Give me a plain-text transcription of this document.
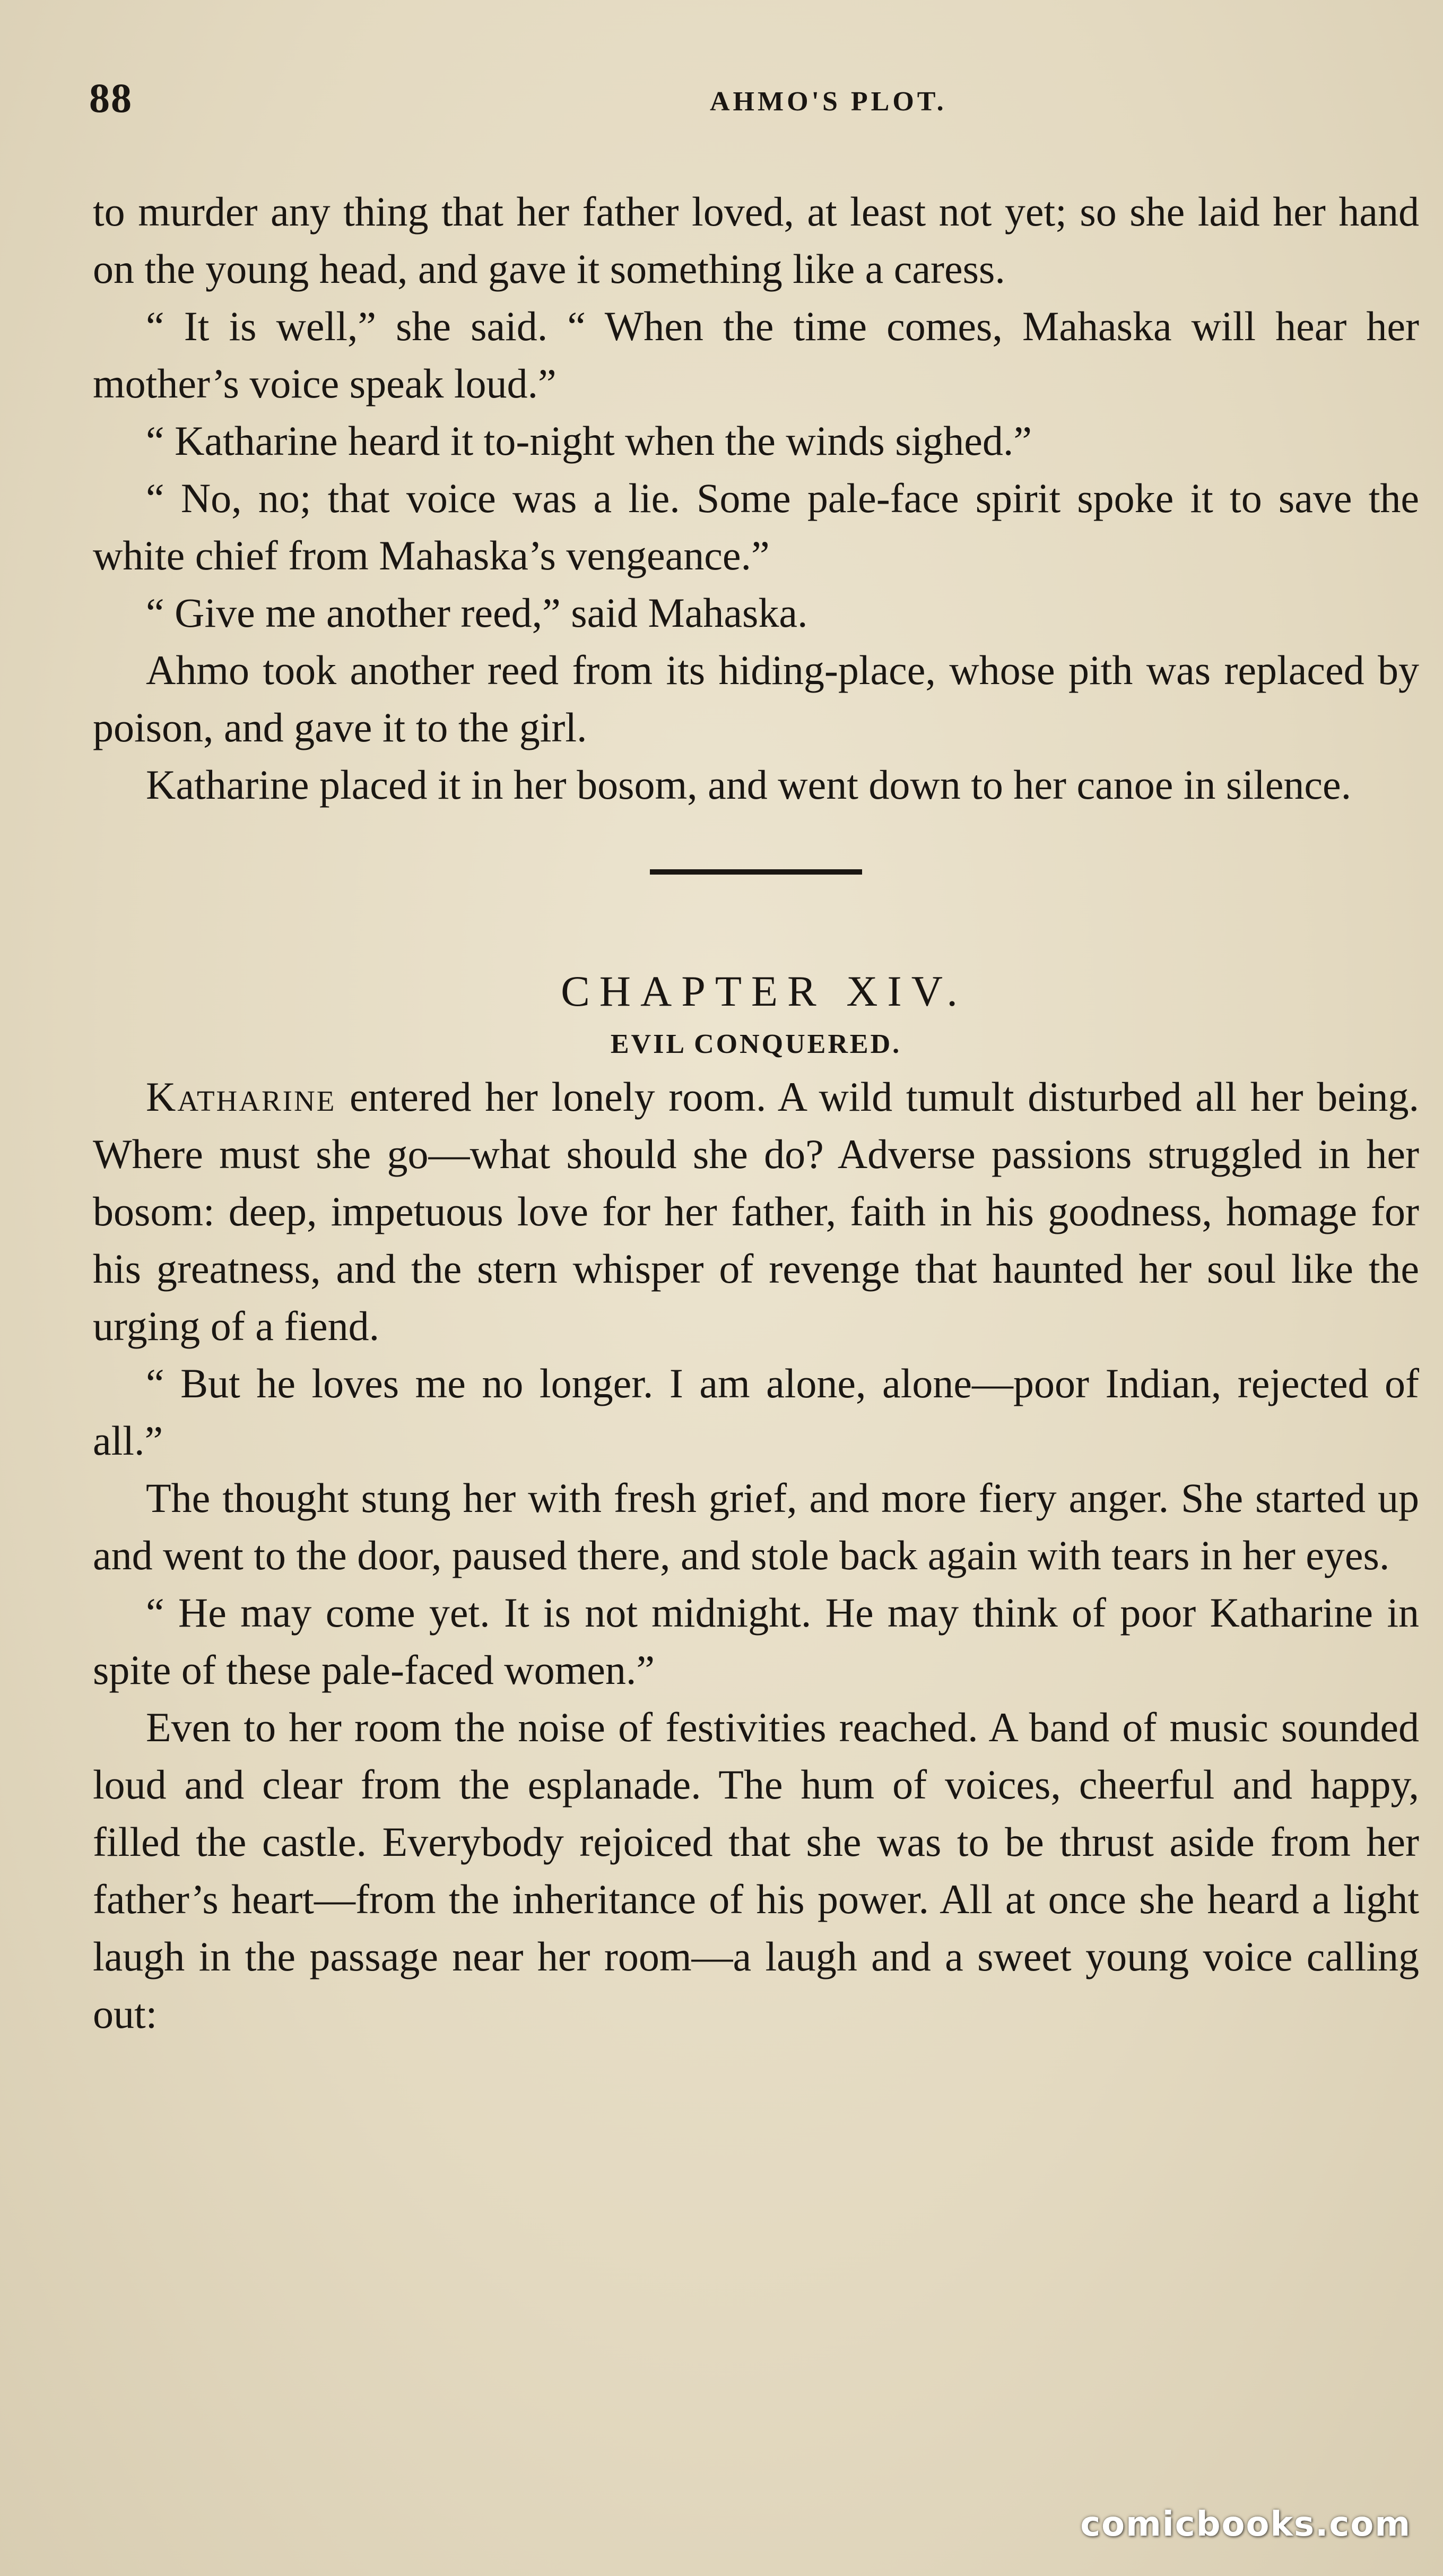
88	AHMO'S PLOT.

to murder any thing that her father loved, at least not yet; so she laid her hand on the young head, and gave it something like a caress.

“ It is well,” she said. “ When the time comes, Mahaska will hear her mother’s voice speak loud.”

“ Katharine heard it to-night when the winds sighed.”

“ No, no; that voice was a lie. Some pale-face spirit spoke it to save the white chief from Mahaska’s vengeance.”

“ Give me another reed,” said Mahaska.

Ahmo took another reed from its hiding-place, whose pith was replaced by poison, and gave it to the girl.

Katharine placed it in her bosom, and went down to her canoe in silence.

CHAPTER XIV.

EVIL CONQUERED.

Katharine entered her lonely room. A wild tumult disturbed all her being. Where must she go—what should she do? Adverse passions struggled in her bosom: deep, impetuous love for her father, faith in his goodness, homage for his greatness, and the stern whisper of revenge that haunted her soul like the urging of a fiend.

“ But he loves me no longer. I am alone, alone—poor Indian, rejected of all.”

The thought stung her with fresh grief, and more fiery anger. She started up and went to the door, paused there, and stole back again with tears in her eyes.

“ He may come yet. It is not midnight. He may think of poor Katharine in spite of these pale-faced women.”

Even to her room the noise of festivities reached. A band of music sounded loud and clear from the esplanade. The hum of voices, cheerful and happy, filled the castle. Everybody rejoiced that she was to be thrust aside from her father’s heart—from the inheritance of his power. All at once she heard a light laugh in the passage near her room—a laugh and a sweet young voice calling out:

comicbooks.com
